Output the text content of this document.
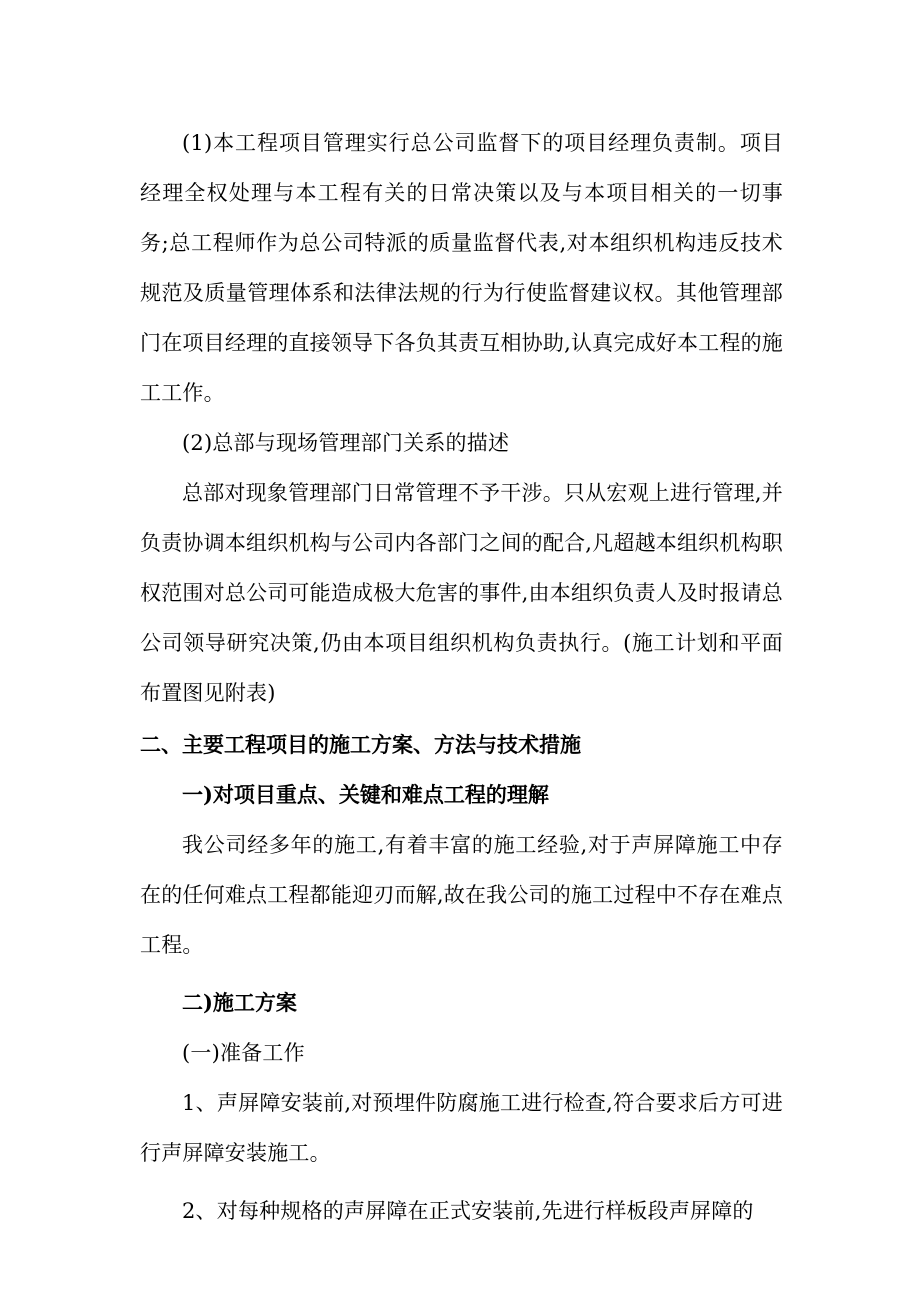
(1)本工程项目管理实行总公司监督下的项目经理负责制。项目经理全权处理与本工程有关的日常决策以及与本项目相关的一切事务;总工程师作为总公司特派的质量监督代表,对本组织机构违反技术规范及质量管理体系和法律法规的行为行使监督建议权。其他管理部门在项目经理的直接领导下各负其责互相协助,认真完成好本工程的施工工作。

(2)总部与现场管理部门关系的描述

总部对现象管理部门日常管理不予干涉。只从宏观上进行管理,并负责协调本组织机构与公司内各部门之间的配合,凡超越本组织机构职权范围对总公司可能造成极大危害的事件,由本组织负责人及时报请总公司领导研究决策,仍由本项目组织机构负责执行。(施工计划和平面布置图见附表)

二、主要工程项目的施工方案、方法与技术措施

一)对项目重点、关键和难点工程的理解

我公司经多年的施工,有着丰富的施工经验,对于声屏障施工中存在的任何难点工程都能迎刃而解,故在我公司的施工过程中不存在难点工程。

二)施工方案

(一)准备工作

1、声屏障安装前,对预埋件防腐施工进行检查,符合要求后方可进行声屏障安装施工。

2、对每种规格的声屏障在正式安装前,先进行样板段声屏障的
